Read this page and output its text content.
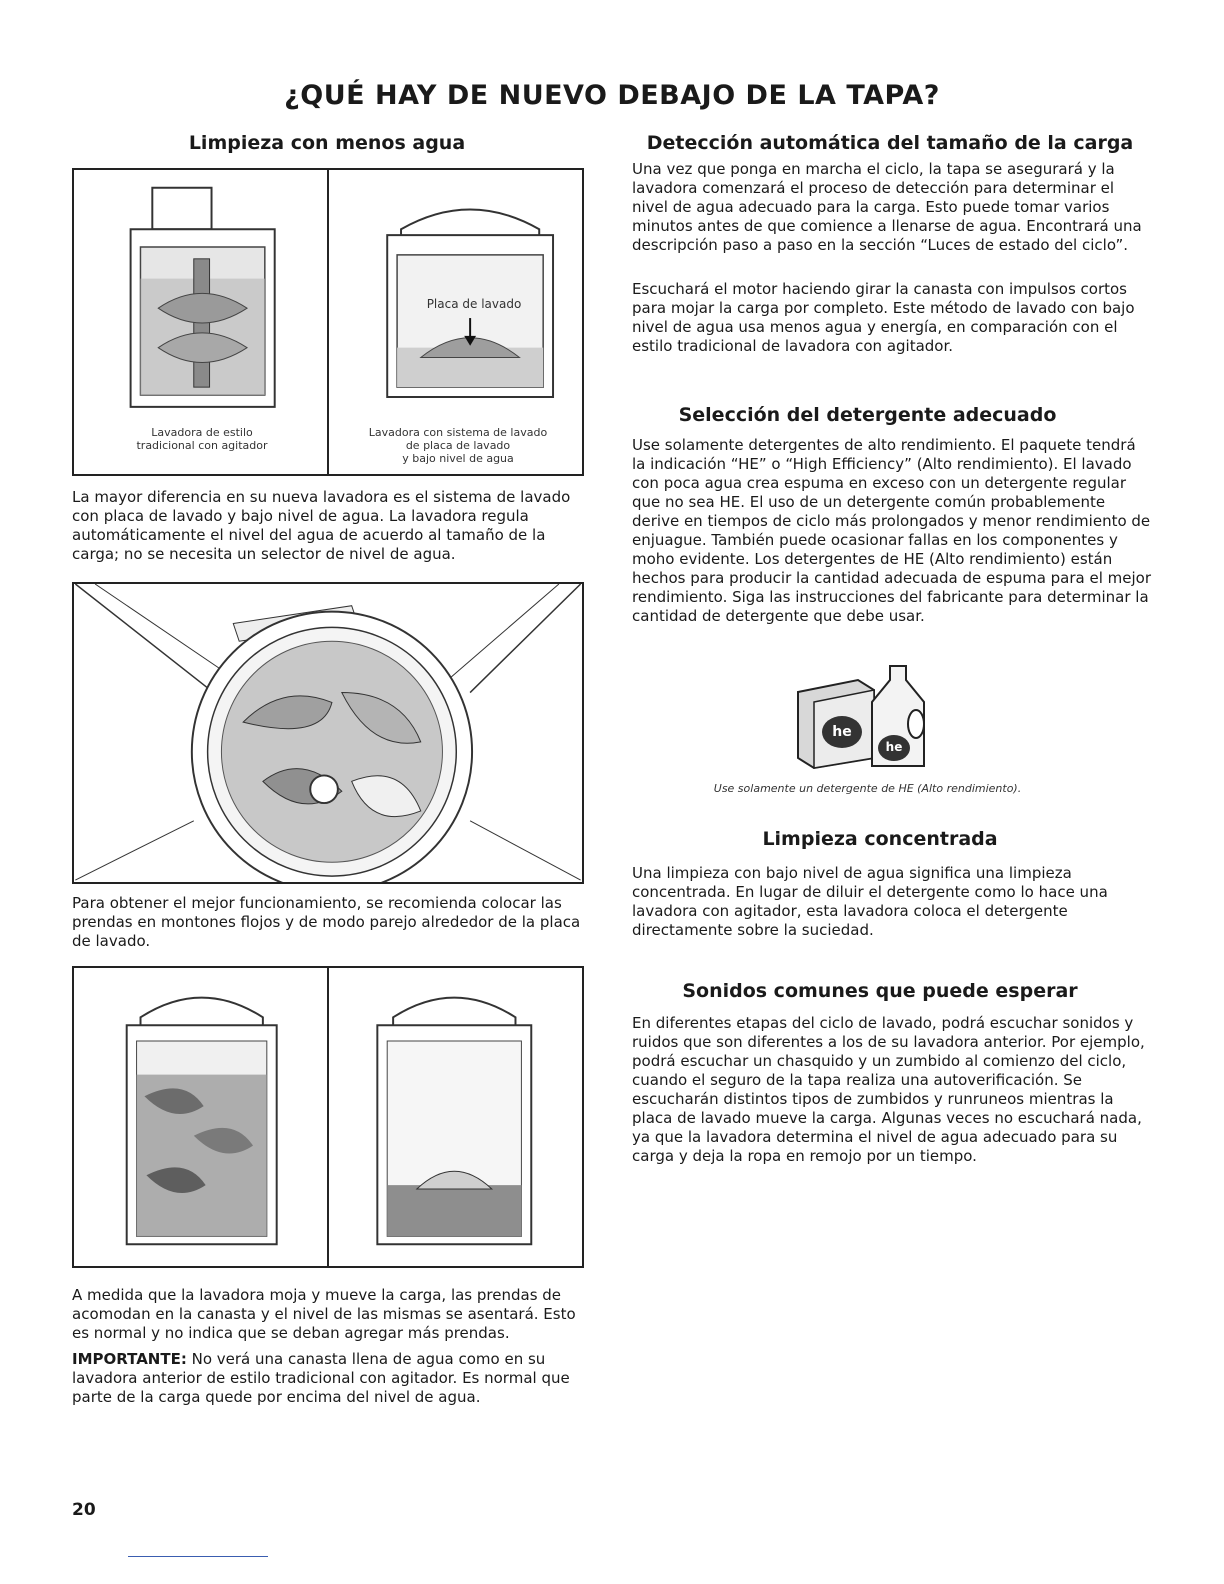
¿QUÉ HAY DE NUEVO DEBAJO DE LA TAPA?
Limpieza con menos agua
Lavadora de estilo
tradicional con agitador
Placa de lavado
Lavadora con sistema de lavado
de placa de lavado
y bajo nivel de agua

La mayor diferencia en su nueva lavadora es el sistema de lavado con placa de lavado y bajo nivel de agua. La lavadora regula automáticamente el nivel del agua de acuerdo al tamaño de la carga; no se necesita un selector de nivel de agua.

Para obtener el mejor funcionamiento, se recomienda colocar las prendas en montones flojos y de modo parejo alrededor de la placa de lavado.

A medida que la lavadora moja y mueve la carga, las prendas de acomodan en la canasta y el nivel de las mismas se asentará. Esto es normal y no indica que se deban agregar más prendas.

IMPORTANTE: No verá una canasta llena de agua como en su lavadora anterior de estilo tradicional con agitador. Es normal que parte de la carga quede por encima del nivel de agua.

Detección automática del tamaño de la carga

Una vez que ponga en marcha el ciclo, la tapa se asegurará y la lavadora comenzará el proceso de detección para determinar el nivel de agua adecuado para la carga. Esto puede tomar varios minutos antes de que comience a llenarse de agua. Encontrará una descripción paso a paso en la sección “Luces de estado del ciclo”.

Escuchará el motor haciendo girar la canasta con impulsos cortos para mojar la carga por completo. Este método de lavado con bajo nivel de agua usa menos agua y energía, en comparación con el estilo tradicional de lavadora con agitador.

Selección del detergente adecuado

Use solamente detergentes de alto rendimiento. El paquete tendrá la indicación “HE” o “High Efficiency” (Alto rendimiento). El lavado con poca agua crea espuma en exceso con un detergente regular que no sea HE. El uso de un detergente común probablemente derive en tiempos de ciclo más prolongados y menor rendimiento de enjuague. También puede ocasionar fallas en los componentes y moho evidente. Los detergentes de HE (Alto rendimiento) están hechos para producir la cantidad adecuada de espuma para el mejor rendimiento. Siga las instrucciones del fabricante para determinar la cantidad de detergente que debe usar.

he
he
Use solamente un detergente de HE (Alto rendimiento).
Limpieza concentrada

Una limpieza con bajo nivel de agua significa una limpieza concentrada. En lugar de diluir el detergente como lo hace una lavadora con agitador, esta lavadora coloca el detergente directamente sobre la suciedad.

Sonidos comunes que puede esperar

En diferentes etapas del ciclo de lavado, podrá escuchar sonidos y ruidos que son diferentes a los de su lavadora anterior. Por ejemplo, podrá escuchar un chasquido y un zumbido al comienzo del ciclo, cuando el seguro de la tapa realiza una autoverificación. Se escucharán distintos tipos de zumbidos y runruneos mientras la placa de lavado mueve la carga. Algunas veces no escuchará nada, ya que la lavadora determina el nivel de agua adecuado para su carga y deja la ropa en remojo por un tiempo.

20
